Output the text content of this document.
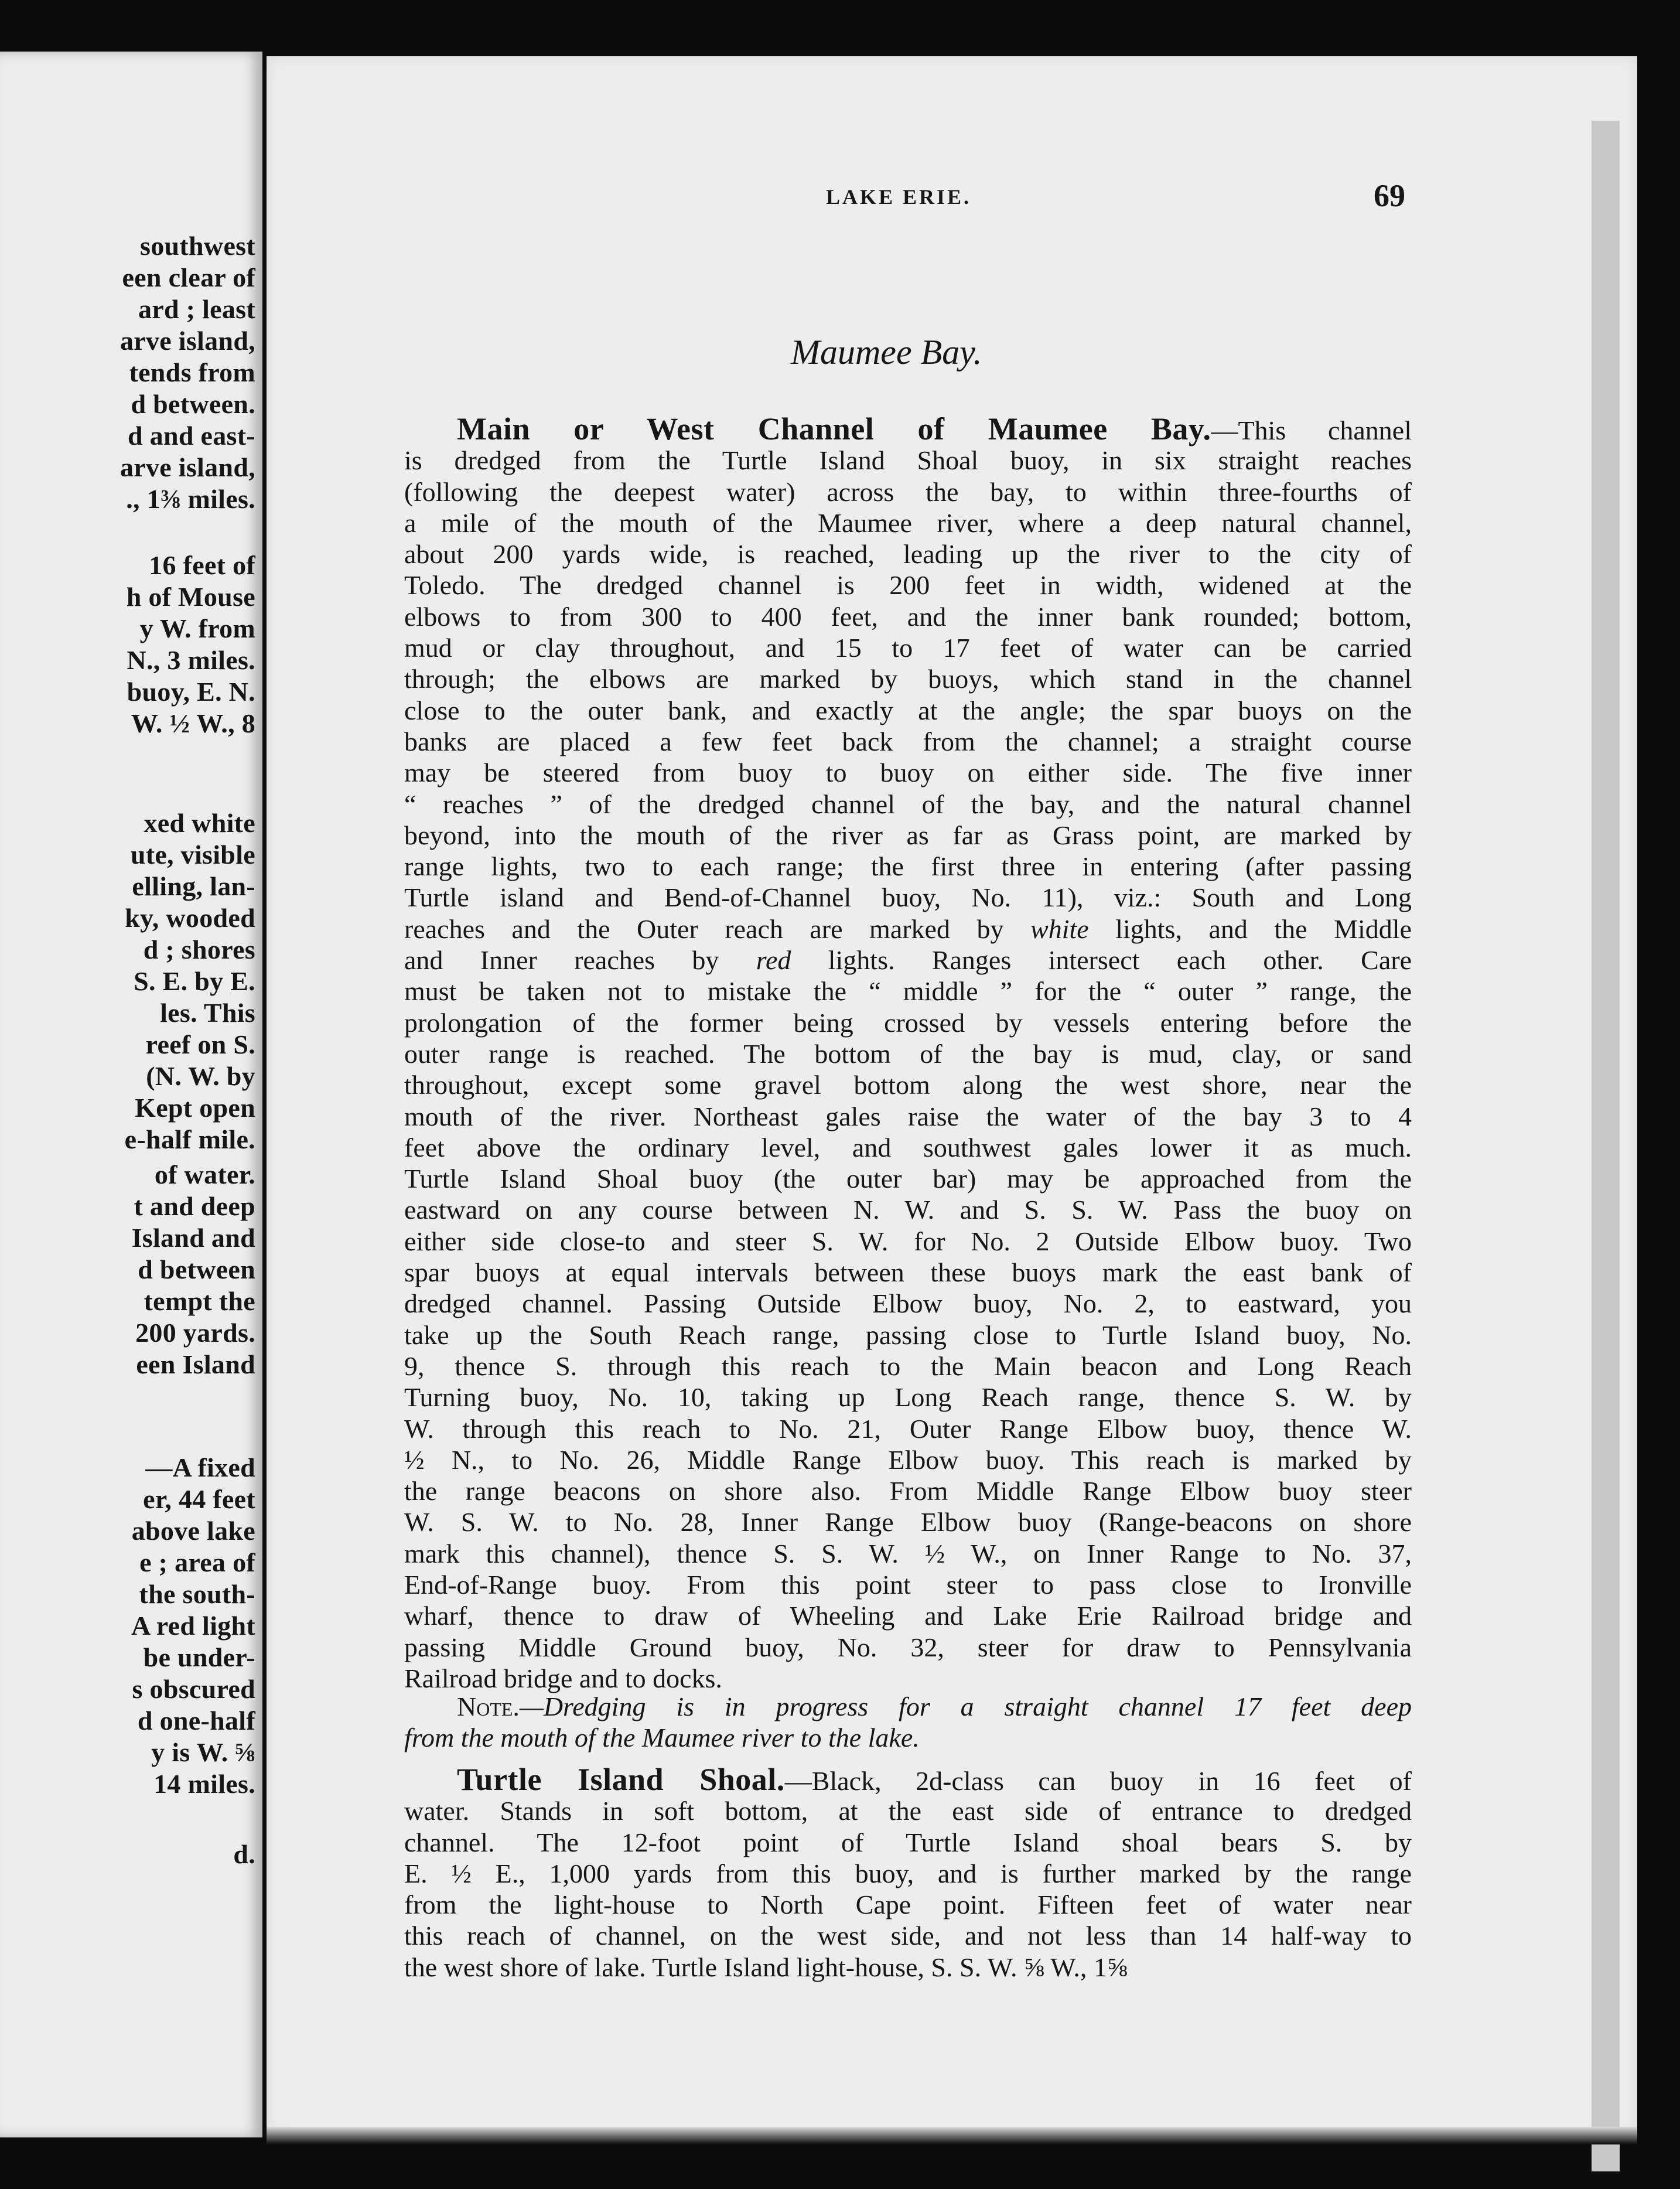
southwest
een clear of
ard ; least
arve island,
tends from
d between.
d and east-
arve island,
., 1⅜ miles.
16 feet of
h of Mouse
y W. from
N., 3 miles.
buoy, E. N.
W. ½ W., 8
xed white
ute, visible
elling, lan-
ky, wooded
d ; shores
S. E. by E.
les. This
reef on S.
(N. W. by
Kept open
e-half mile.
of water.
t and deep
Island and
d between
tempt the
200 yards.
een Island
—A fixed
er, 44 feet
above lake
e ; area of
the south-
A red light
be under-
s obscured
d one-half
y is W. ⅝
14 miles.
d.
LAKE ERIE.	69
Maumee Bay.
Main or West Channel of Maumee Bay.—This channel
is dredged from the Turtle Island Shoal buoy, in six straight reaches
(following the deepest water) across the bay, to within three-fourths of
a mile of the mouth of the Maumee river, where a deep natural channel,
about 200 yards wide, is reached, leading up the river to the city of
Toledo. The dredged channel is 200 feet in width, widened at the
elbows to from 300 to 400 feet, and the inner bank rounded; bottom,
mud or clay throughout, and 15 to 17 feet of water can be carried
through; the elbows are marked by buoys, which stand in the channel
close to the outer bank, and exactly at the angle; the spar buoys on the
banks are placed a few feet back from the channel; a straight course
may be steered from buoy to buoy on either side. The five inner
“ reaches ” of the dredged channel of the bay, and the natural channel
beyond, into the mouth of the river as far as Grass point, are marked by
range lights, two to each range; the first three in entering (after passing
Turtle island and Bend-of-Channel buoy, No. 11), viz.: South and Long
reaches and the Outer reach are marked by white lights, and the Middle
and Inner reaches by red lights. Ranges intersect each other. Care
must be taken not to mistake the “ middle ” for the “ outer ” range, the
prolongation of the former being crossed by vessels entering before the
outer range is reached. The bottom of the bay is mud, clay, or sand
throughout, except some gravel bottom along the west shore, near the
mouth of the river. Northeast gales raise the water of the bay 3 to 4
feet above the ordinary level, and southwest gales lower it as much.
Turtle Island Shoal buoy (the outer bar) may be approached from the
eastward on any course between N. W. and S. S. W. Pass the buoy on
either side close-to and steer S. W. for No. 2 Outside Elbow buoy. Two
spar buoys at equal intervals between these buoys mark the east bank of
dredged channel. Passing Outside Elbow buoy, No. 2, to eastward, you
take up the South Reach range, passing close to Turtle Island buoy, No.
9, thence S. through this reach to the Main beacon and Long Reach
Turning buoy, No. 10, taking up Long Reach range, thence S. W. by
W. through this reach to No. 21, Outer Range Elbow buoy, thence W.
½ N., to No. 26, Middle Range Elbow buoy. This reach is marked by
the range beacons on shore also. From Middle Range Elbow buoy steer
W. S. W. to No. 28, Inner Range Elbow buoy (Range-beacons on shore
mark this channel), thence S. S. W. ½ W., on Inner Range to No. 37,
End-of-Range buoy. From this point steer to pass close to Ironville
wharf, thence to draw of Wheeling and Lake Erie Railroad bridge and
passing Middle Ground buoy, No. 32, steer for draw to Pennsylvania
Railroad bridge and to docks.
Note.—Dredging is in progress for a straight channel 17 feet deep
from the mouth of the Maumee river to the lake.
Turtle Island Shoal.—Black, 2d-class can buoy in 16 feet of
water. Stands in soft bottom, at the east side of entrance to dredged
channel. The 12-foot point of Turtle Island shoal bears S. by
E. ½ E., 1,000 yards from this buoy, and is further marked by the range
from the light-house to North Cape point. Fifteen feet of water near
this reach of channel, on the west side, and not less than 14 half-way to
the west shore of lake. Turtle Island light-house, S. S. W. ⅝ W., 1⅝
